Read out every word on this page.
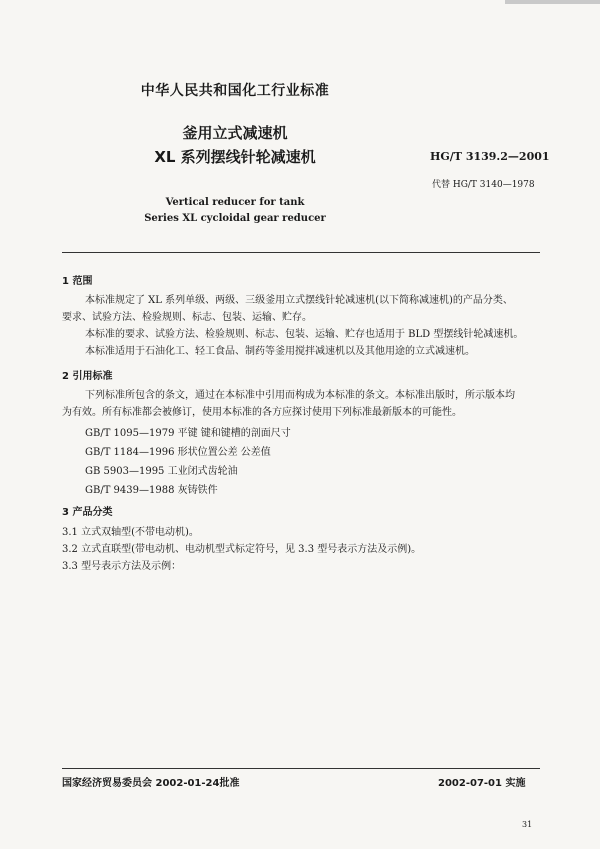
中华人民共和国化工行业标准
釜用立式减速机
XL 系列摆线针轮减速机	HG/T 3139.2—2001
代替 HG/T 3140—1978
Vertical reducer for tank
Series XL cycloidal gear reducer
1 范围
本标准规定了 XL 系列单级、两级、三级釜用立式摆线针轮减速机(以下简称减速机)的产品分类、
要求、试验方法、检验规则、标志、包装、运输、贮存。
本标准的要求、试验方法、检验规则、标志、包装、运输、贮存也适用于 BLD 型摆线针轮减速机。
本标准适用于石油化工、轻工食品、制药等釜用搅拌减速机以及其他用途的立式减速机。
2 引用标准
下列标准所包含的条文，通过在本标准中引用而构成为本标准的条文。本标准出版时，所示版本均
为有效。所有标准都会被修订，使用本标准的各方应探讨使用下列标准最新版本的可能性。
GB/T 1095—1979 平键 键和键槽的剖面尺寸
GB/T 1184—1996 形状位置公差 公差值
GB 5903—1995 工业闭式齿轮油
GB/T 9439—1988 灰铸铁件
3 产品分类
3.1 立式双轴型(不带电动机)。
3.2 立式直联型(带电动机、电动机型式标定符号，见 3.3 型号表示方法及示例)。
3.3 型号表示方法及示例：
国家经济贸易委员会 2002-01-24批准	2002-07-01 实施
31
